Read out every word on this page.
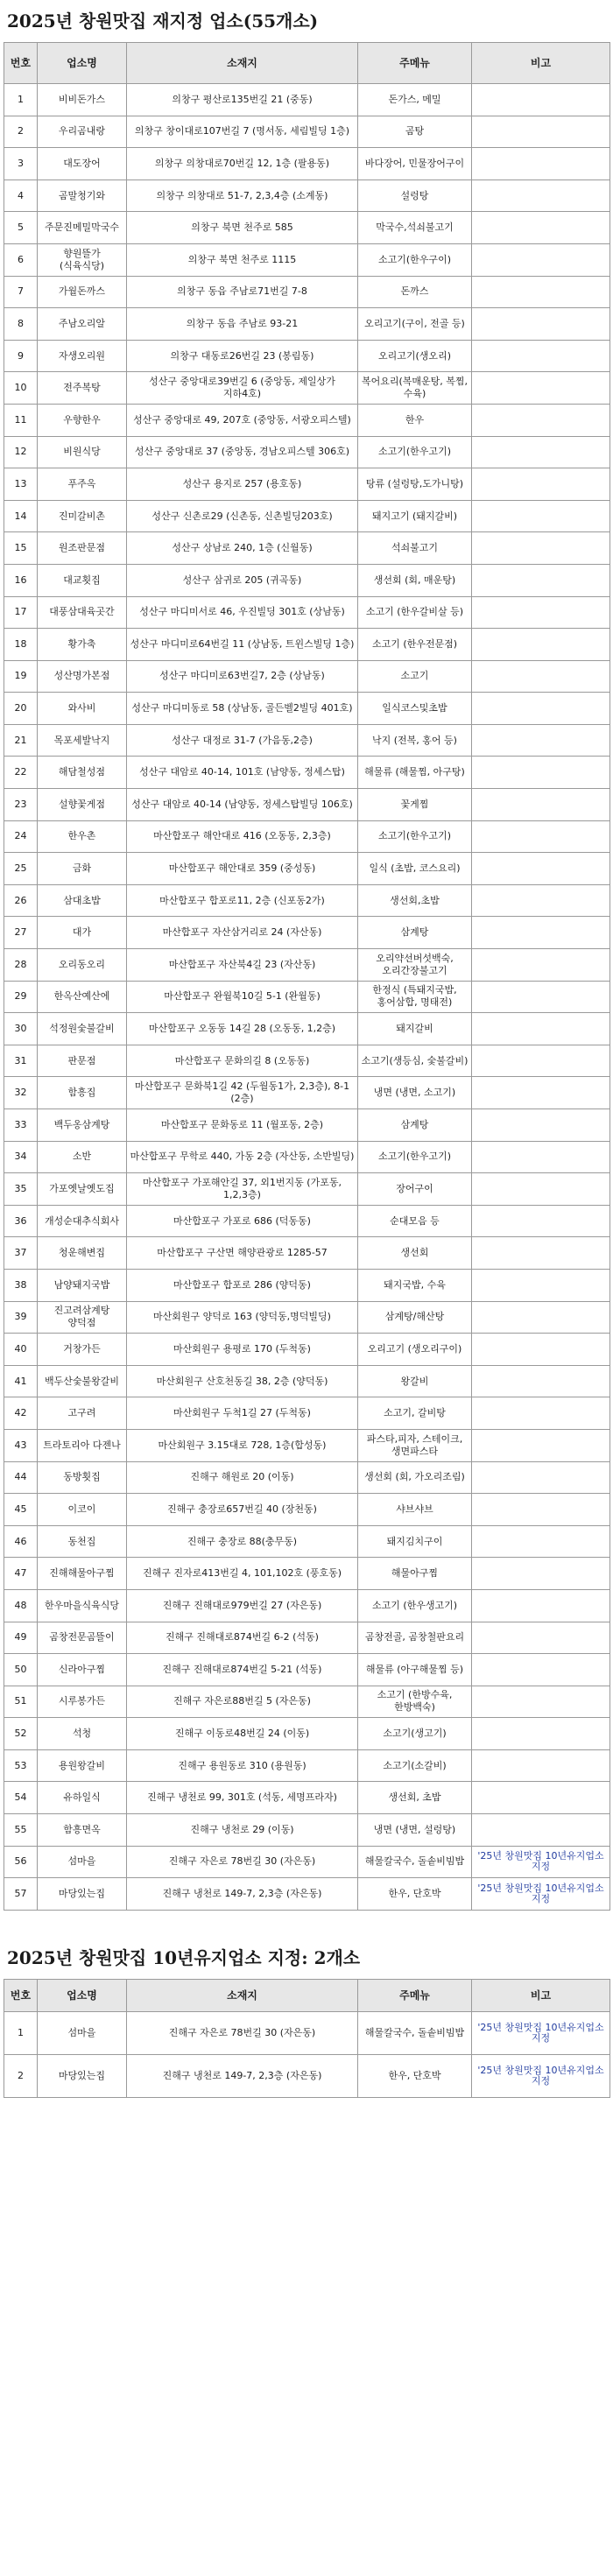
2025년 창원맛집 재지정 업소(55개소)
번호	업소명	소재지	주메뉴	비고
1	비비돈가스	의창구 평산로135번길 21 (중동)	돈가스, 메밀	
2	우리곰내랑	의창구 창이대로107번길 7 (명서동, 세림빌딩 1층)	곰탕	
3	대도장어	의창구 의창대로70번길 12, 1층 (팔용동)	바다장어, 민물장어구이	
4	곰말청기와	의창구 의창대로 51-7, 2,3,4층 (소계동)	설렁탕	
5	주문진메밀막국수	의창구 북면 천주로 585	막국수,석쇠불고기	
6	향원뜰가 (식육식당)	의창구 북면 천주로 1115	소고기(한우구이)	
7	가월돈까스	의창구 동읍 주남로71번길 7-8	돈까스	
8	주남오리알	의창구 동읍 주남로 93-21	오리고기(구이, 전골 등)	
9	자생오리원	의창구 대동로26번길 23 (봉림동)	오리고기(생오리)	
10	전주복탕	성산구 중앙대로39번길 6 (중앙동, 제일상가 지하4호)	복어요리(복매운탕, 복찜, 수육)	
11	우향한우	성산구 중앙대로 49, 207호 (중앙동, 서광오피스텔)	한우	
12	비원식당	성산구 중앙대로 37 (중앙동, 경남오피스텔 306호)	소고기(한우고기)	
13	푸주옥	성산구 용지로 257 (용호동)	탕류 (설렁탕,도가니탕)	
14	진미갈비촌	성산구 신촌로29 (신촌동, 신촌빌딩203호)	돼지고기 (돼지갈비)	
15	원조판문점	성산구 상남로 240, 1층 (신월동)	석쇠불고기	
16	대교횟집	성산구 삼귀로 205 (귀곡동)	생선회 (회, 매운탕)	
17	대풍삼대육곳간	성산구 마디미서로 46, 우진빌딩 301호 (상남동)	소고기 (한우갈비살 등)	
18	황가축	성산구 마디미로64번길 11 (상남동, 트윈스빌딩 1층)	소고기 (한우전문점)	
19	성산명가본점	성산구 마디미로63번길7, 2층 (상남동)	소고기	
20	와사비	성산구 마디미동로 58 (상남동, 골든벨2빌딩 401호)	일식코스및초밥	
21	목포세발낙지	성산구 대정로 31-7 (가음동,2층)	낙지 (전복, 홍어 등)	
22	해담철성점	성산구 대암로 40-14, 101호 (남양동, 정세스탑)	해물류 (해물찜, 아구탕)	
23	설향꽃게점	성산구 대암로 40-14 (남양동, 정세스탑빌딩 106호)	꽃게찜	
24	한우촌	마산합포구 해안대로 416 (오동동, 2,3층)	소고기(한우고기)	
25	금화	마산합포구 해안대로 359 (중성동)	일식 (초밥, 코스요리)	
26	삼대초밥	마산합포구 합포로11, 2층 (신포동2가)	생선회,초밥	
27	대가	마산합포구 자산삼거리로 24 (자산동)	삼계탕	
28	오리동오리	마산합포구 자산북4길 23 (자산동)	오리약선버섯백숙, 오리간장불고기	
29	한옥산예산에	마산합포구 완월북10길 5-1 (완월동)	한정식 (특돼지국밥, 홍어삼합, 명태전)	
30	석정원숯불갈비	마산합포구 오동동 14길 28 (오동동, 1,2층)	돼지갈비	
31	판문점	마산합포구 문화의길 8 (오동동)	소고기(생등심, 숯불갈비)	
32	함흥집	마산합포구 문화북1길 42 (두월동1가, 2,3층), 8-1 (2층)	냉면 (냉면, 소고기)	
33	백두옹삼계탕	마산합포구 문화동로 11 (월포동, 2층)	삼계탕	
34	소반	마산합포구 무학로 440, 가동 2층 (자산동, 소반빌딩)	소고기(한우고기)	
35	가포옛날옛도집	마산합포구 가포해안길 37, 외1번지동 (가포동, 1,2,3층)	장어구이	
36	개성순대추식회사	마산합포구 가포로 686 (덕동동)	순대모음 등	
37	청운해변집	마산합포구 구산면 해양관광로 1285-57	생선회	
38	남양돼지국밥	마산합포구 합포로 286 (양덕동)	돼지국밥, 수육	
39	진고려삼계탕 양덕점	마산회원구 양덕로 163 (양덕동,명덕빌딩)	삼계탕/해산탕	
40	거창가든	마산회원구 용평로 170 (두척동)	오리고기 (생오리구이)	
41	백두산숯불왕갈비	마산회원구 산호천동길 38, 2층 (양덕동)	왕갈비	
42	고구려	마산회원구 두척1길 27 (두척동)	소고기, 갈비탕	
43	트라토리아 다젠나	마산회원구 3.15대로 728, 1층(합성동)	파스타,피자, 스테이크, 생면파스타	
44	동방횟집	진해구 해원로 20 (이동)	생선회 (회, 가오리조림)	
45	이코이	진해구 충장로657번길 40 (장천동)	샤브샤브	
46	동천집	진해구 충장로 88(충무동)	돼지김치구이	
47	진해해물아구찜	진해구 진자로413번길 4, 101,102호 (풍호동)	해물아구찜	
48	한우마을식육식당	진해구 진해대로979번길 27 (자은동)	소고기 (한우생고기)	
49	곰창전문곰뜰이	진해구 진해대로874번길 6-2 (석동)	곰창전골, 곰창철판요리	
50	신라아구찜	진해구 진해대로874번길 5-21 (석동)	해물류 (아구해물찜 등)	
51	시루봉가든	진해구 자은로88번길 5 (자은동)	소고기 (한방수육, 한방백숙)	
52	석청	진해구 이동로48번길 24 (이동)	소고기(생고기)	
53	용원왕갈비	진해구 용원동로 310 (용원동)	소고기(소갈비)	
54	유하일식	진해구 냉천로 99, 301호 (석동, 세명프라자)	생선회, 초밥	
55	함흥면옥	진해구 냉천로 29 (이동)	냉면 (냉면, 설렁탕)	
56	섬마을	진해구 자은로 78번길 30 (자은동)	해물칼국수, 돌솥비빔밥	'25년 창원맛집 10년유지업소 지정
57	마당있는집	진해구 냉천로 149-7, 2,3층 (자은동)	한우, 단호박	'25년 창원맛집 10년유지업소 지정
2025년 창원맛집 10년유지업소 지정: 2개소
번호	업소명	소재지	주메뉴	비고
1	섬마을	진해구 자은로 78번길 30 (자은동)	해물칼국수, 돌솥비빔밥	'25년 창원맛집 10년유지업소 지정
2	마당있는집	진해구 냉천로 149-7, 2,3층 (자은동)	한우, 단호박	'25년 창원맛집 10년유지업소 지정
